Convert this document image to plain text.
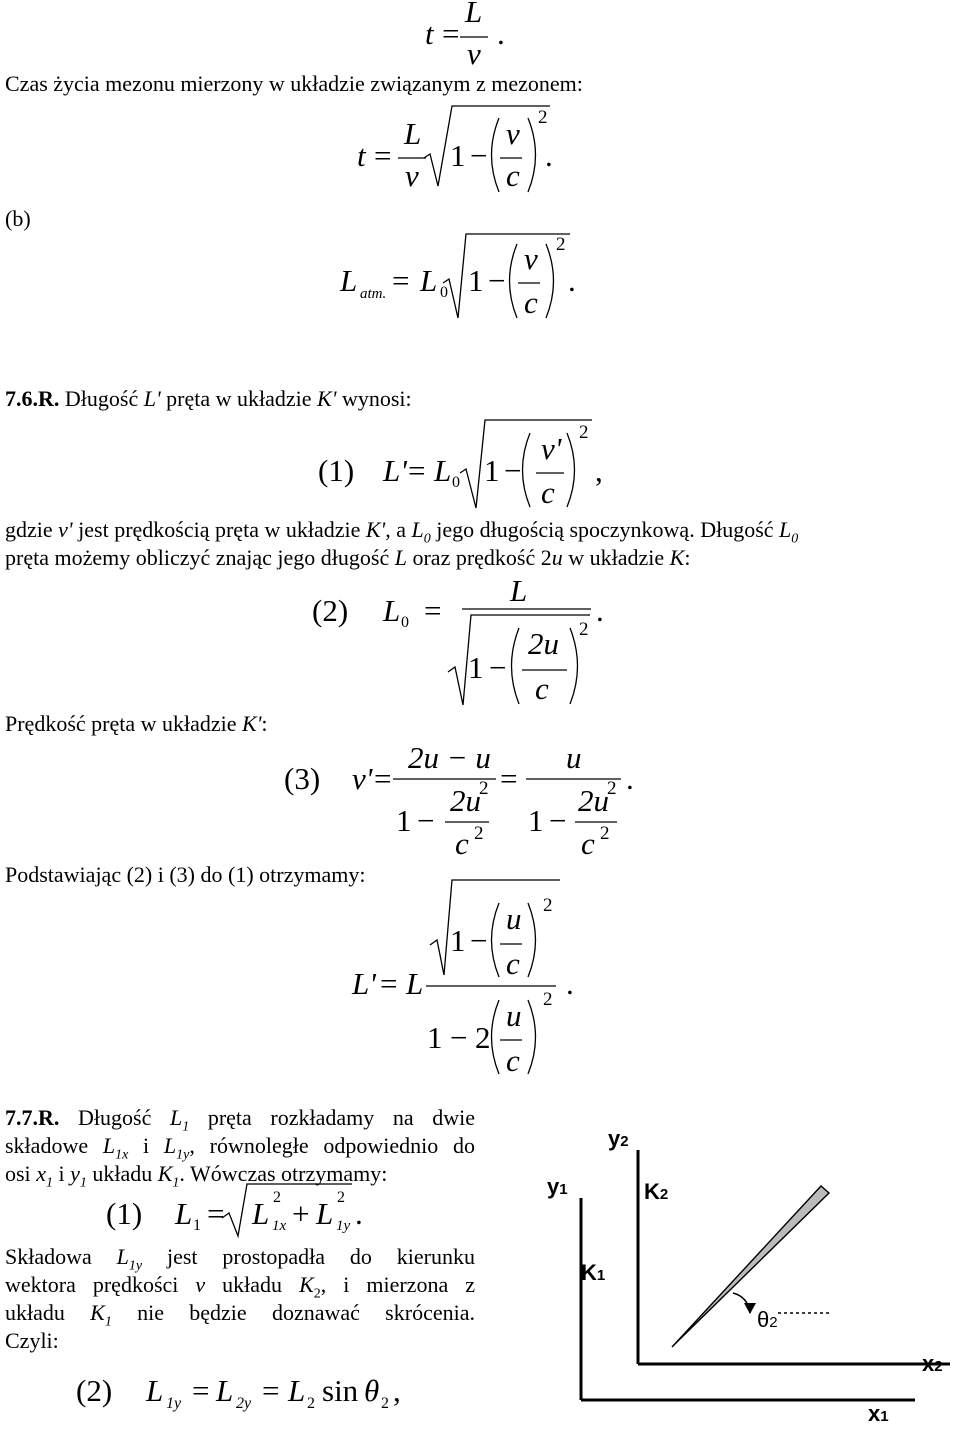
t =
L
v
.
Czas życia mezonu mierzony w układzie związanym z mezonem:
t =
L
v
1 −
v
c
2
.
(b)
L atm. = L 0 1 −
v
c
2
.
7.6.R. Długość L' pręta w układzie K' wynosi:
(1) L' = L 0 1 −
v'
c
2
,
gdzie v' jest prędkością pręta w układzie K', a $L_0$ jego długością spoczynkową. Długość $L_0$
pręta możemy obliczyć znając jego długość L oraz prędkość 2u w układzie K:
(2) L 0 =
L
1 −
2u
c
2
.
Prędkość pręta w układzie K':
(3) v' =
2u − u
1 −
2u
c
2
2
=
u
1 −
2u
c
2
2
.
Podstawiając (2) i (3) do (1) otrzymamy:
L' = L
1 −
u
c
2
1 − 2
u
c
2 .
7.7.R. Długość $L_1$ pręta rozkładamy na dwie
składowe $L_{1x}$ i $L_{1y}$, równoległe odpowiednio do
osi $x_1$ i $y_1$ układu $K_1$. Wówczas otrzymamy:
(1) L 1 = L 2
1x + L 2
1y .
Składowa $L_{1y}$ jest prostopadła do kierunku
wektora prędkości v układu $K_2$, i mierzona z
układu $K_1$ nie będzie doznawać skrócenia.
Czyli:
(2) L 1y = L 2y = L 2 sin θ 2 ,
y2
y1	K2
K1
θ2
x2
x1
